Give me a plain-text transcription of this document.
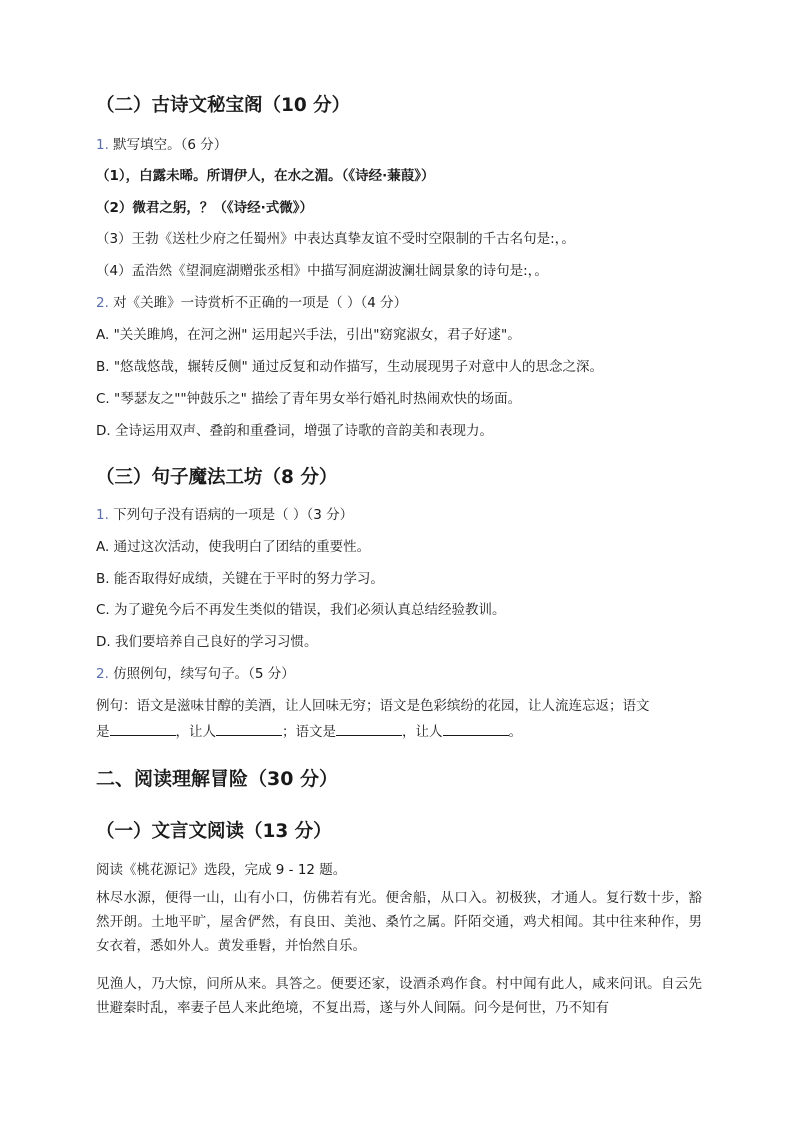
（二）古诗文秘宝阁（10 分）
1. 默写填空。（6 分）
（1），白露未晞。所谓伊人，在水之湄。（《诗经·蒹葭》）
（2）微君之躬，？（《诗经·式微》）
（3）王勃《送杜少府之任蜀州》中表达真挚友谊不受时空限制的千古名句是:，。
（4）孟浩然《望洞庭湖赠张丞相》中描写洞庭湖波澜壮阔景象的诗句是:，。
2. 对《关雎》一诗赏析不正确的一项是（ ）（4 分）
A. "关关雎鸠，在河之洲" 运用起兴手法，引出"窈窕淑女，君子好逑"。
B. "悠哉悠哉，辗转反侧" 通过反复和动作描写，生动展现男子对意中人的思念之深。
C. "琴瑟友之""钟鼓乐之" 描绘了青年男女举行婚礼时热闹欢快的场面。
D. 全诗运用双声、叠韵和重叠词，增强了诗歌的音韵美和表现力。
（三）句子魔法工坊（8 分）
1. 下列句子没有语病的一项是（ ）（3 分）
A. 通过这次活动，使我明白了团结的重要性。
B. 能否取得好成绩，关键在于平时的努力学习。
C. 为了避免今后不再发生类似的错误，我们必须认真总结经验教训。
D. 我们要培养自己良好的学习习惯。
2. 仿照例句，续写句子。（5 分）
例句：语文是滋味甘醇的美酒，让人回味无穷；语文是色彩缤纷的花园，让人流连忘返；语文
是	，让人	；语文是	，让人	。
二、阅读理解冒险（30 分）
（一）文言文阅读（13 分）
阅读《桃花源记》选段，完成 9 - 12 题。
林尽水源，便得一山，山有小口，仿佛若有光。便舍船，从口入。初极狭，才通人。复行数十步，豁然开朗。土地平旷，屋舍俨然，有良田、美池、桑竹之属。阡陌交通，鸡犬相闻。其中往来种作，男女衣着，悉如外人。黄发垂髫，并怡然自乐。
见渔人，乃大惊，问所从来。具答之。便要还家，设酒杀鸡作食。村中闻有此人，咸来问讯。自云先世避秦时乱，率妻子邑人来此绝境，不复出焉，遂与外人间隔。问今是何世，乃不知有
